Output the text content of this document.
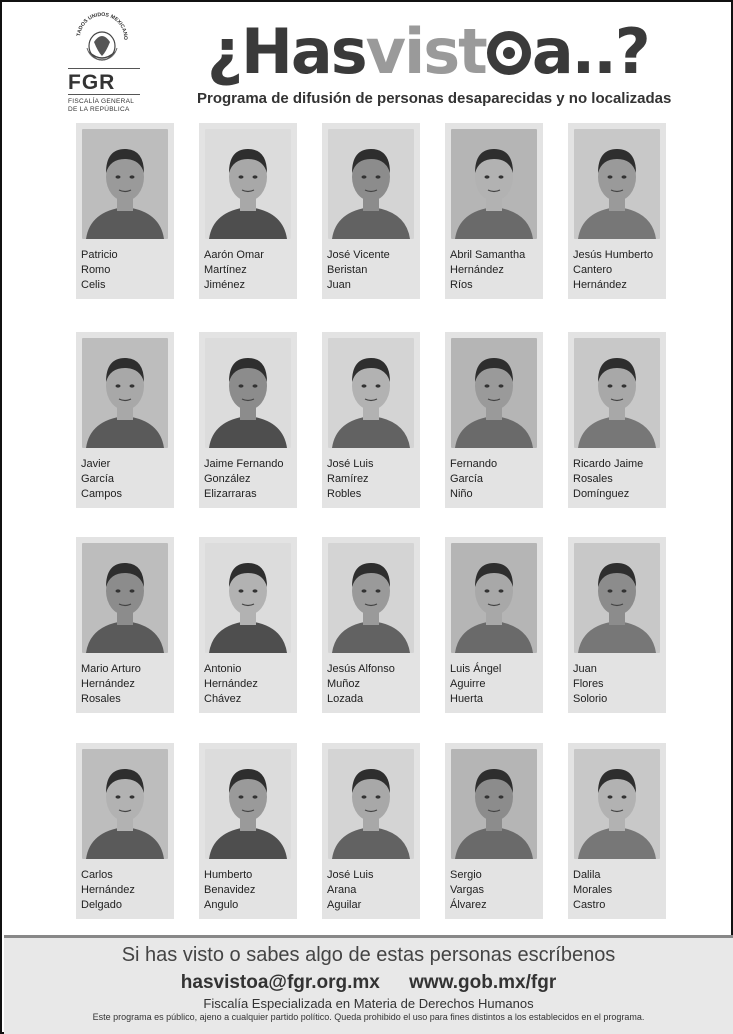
TADOS UNIDOS MEXICANO
FGR
FISCALÍA GENERAL
DE LA REPÚBLICA
¿Hasvist a..?
Programa de difusión de personas desaparecidas y no localizadas
Patricio
Romo
Celis
Aarón Omar
Martínez
Jiménez
José Vicente
Beristan
Juan
Abril Samantha
Hernández
Ríos
Jesús Humberto
Cantero
Hernández
Javier
García
Campos
Jaime Fernando
González
Elizarraras
José Luis
Ramírez
Robles
Fernando
García
Niño
Ricardo Jaime
Rosales
Domínguez
Mario Arturo
Hernández
Rosales
Antonio
Hernández
Chávez
Jesús Alfonso
Muñoz
Lozada
Luis Ángel
Aguirre
Huerta
Juan
Flores
Solorio
Carlos
Hernández
Delgado
Humberto
Benavidez
Angulo
José Luis
Arana
Aguilar
Sergio
Vargas
Álvarez
Dalila
Morales
Castro
Si has visto o sabes algo de estas personas escríbenos
hasvistoa@fgr.org.mx www.gob.mx/fgr
Fiscalía Especializada en Materia de Derechos Humanos
Este programa es público, ajeno a cualquier partido político. Queda prohibido el uso para fines distintos a los establecidos en el programa.
